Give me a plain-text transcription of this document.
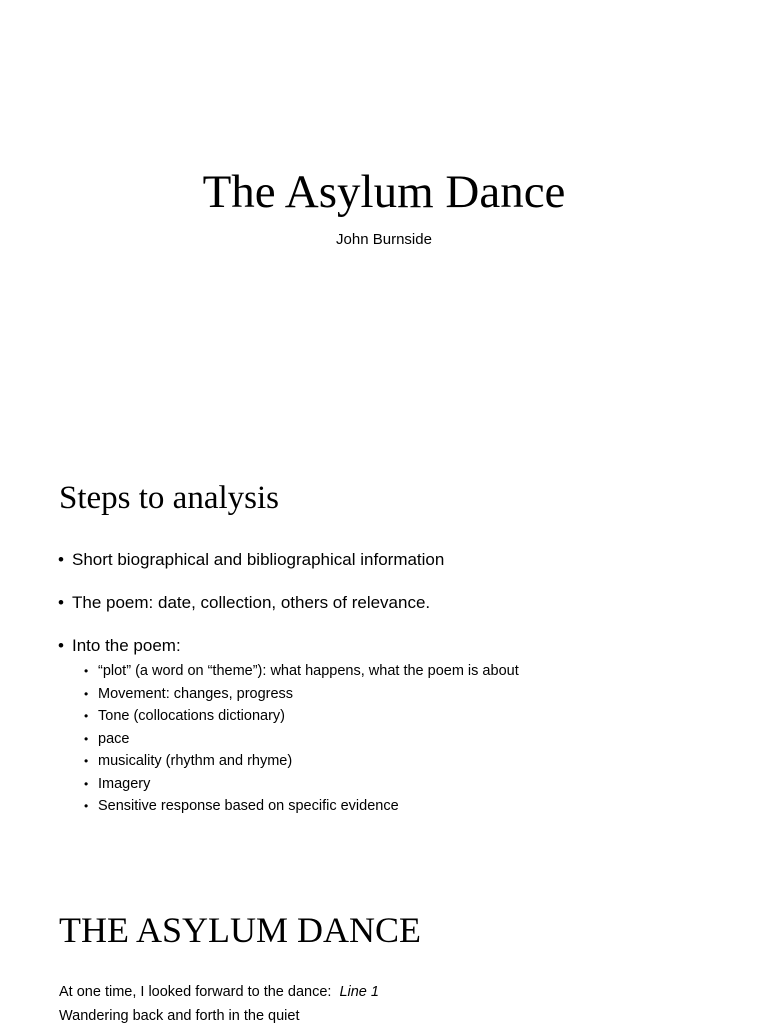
The Asylum Dance

John Burnside

Steps to analysis
• Short biographical and bibliographical information
• The poem: date, collection, others of relevance.
• Into the poem:
• “plot” (a word on “theme”): what happens, what the poem is about
• Movement: changes, progress
• Tone (collocations dictionary)
• pace
• musicality (rhythm and rhyme)
• Imagery
• Sensitive response based on specific evidence
THE ASYLUM DANCE

At one time, I looked forward to the dance: Line 1

Wandering back and forth in the quiet
